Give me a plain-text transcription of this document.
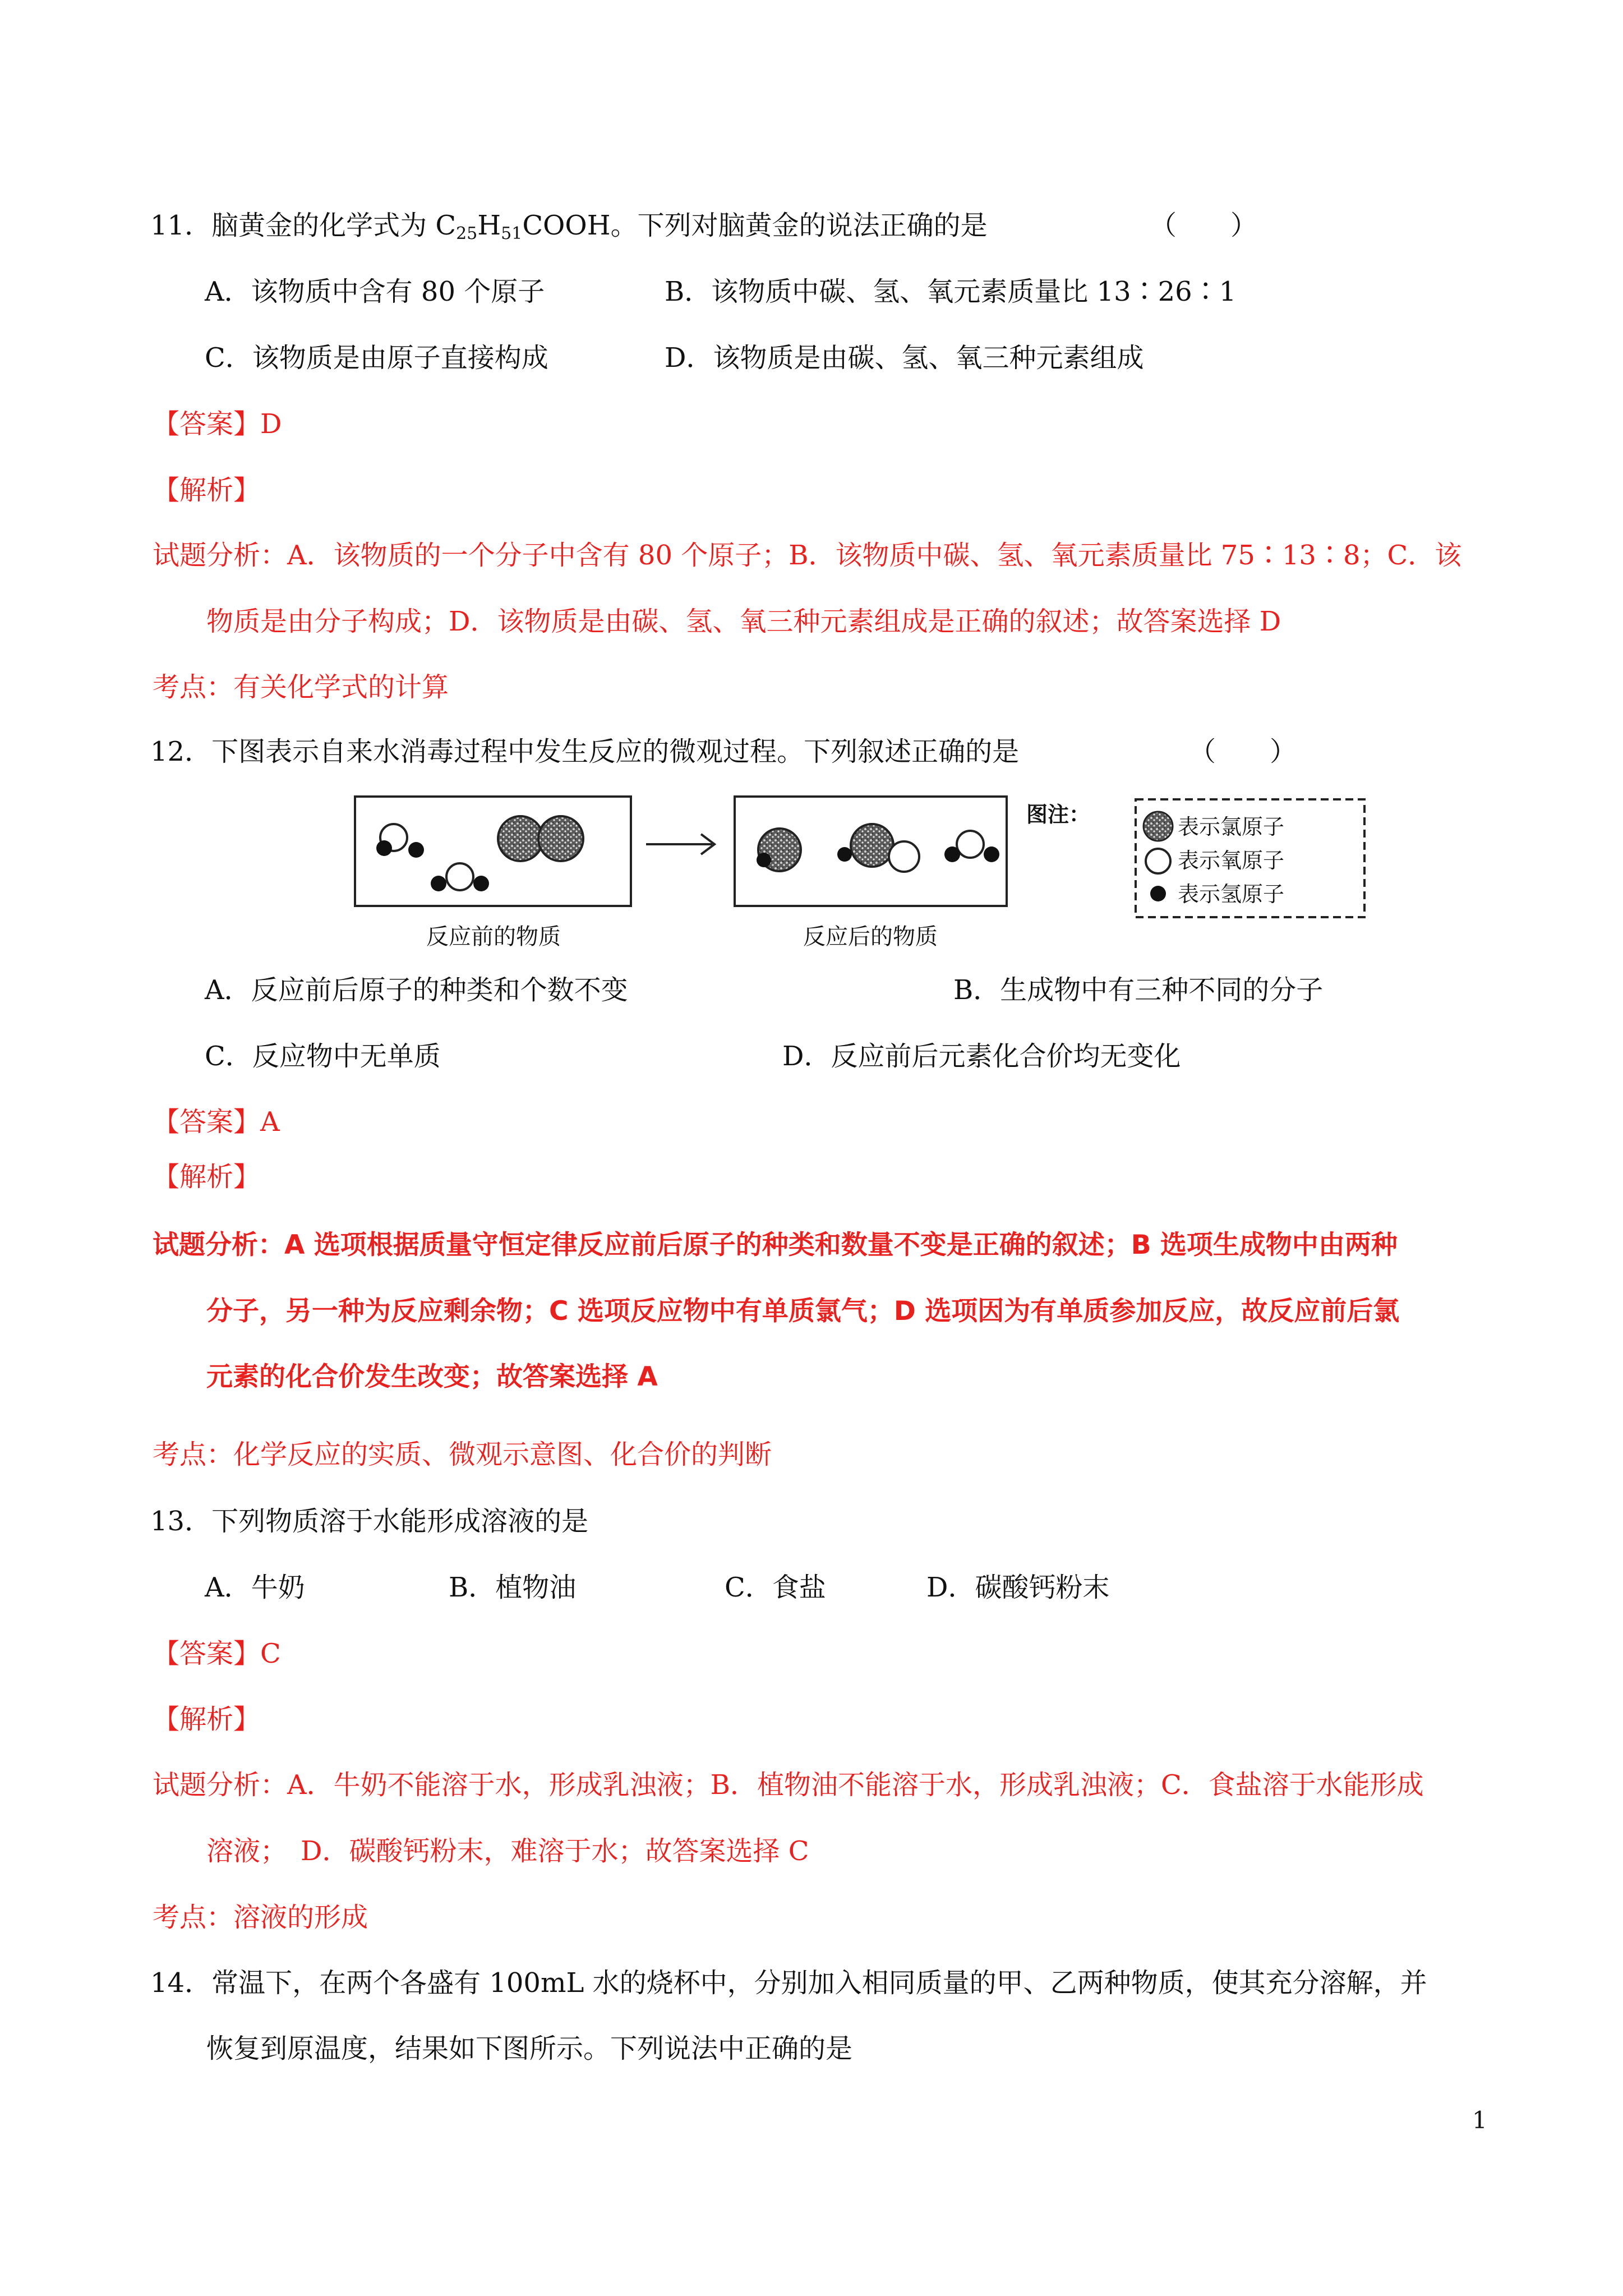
11．脑黄金的化学式为 $C_{25}H_{51}COOH$。下列对脑黄金的说法正确的是	（　　）
A．该物质中含有 80 个原子	B．该物质中碳、氢、氧元素质量比 13∶26∶1
C．该物质是由原子直接构成	D．该物质是由碳、氢、氧三种元素组成
【答案】D
【解析】
试题分析：A．该物质的一个分子中含有 80 个原子；B．该物质中碳、氢、氧元素质量比 75∶13∶8；C．该
物质是由分子构成；D．该物质是由碳、氢、氧三种元素组成是正确的叙述；故答案选择 D
考点：有关化学式的计算
12．下图表示自来水消毒过程中发生反应的微观过程。下列叙述正确的是	（　　）
反应前的物质	反应后的物质
图注：	表示氯原子
表示氧原子
表示氢原子
A．反应前后原子的种类和个数不变	B．生成物中有三种不同的分子
C．反应物中无单质	D．反应前后元素化合价均无变化
【答案】A
【解析】
试题分析：A 选项根据质量守恒定律反应前后原子的种类和数量不变是正确的叙述；B 选项生成物中由两种
分子，另一种为反应剩余物；C 选项反应物中有单质氯气；D 选项因为有单质参加反应，故反应前后氯
元素的化合价发生改变；故答案选择 A
考点：化学反应的实质、微观示意图、化合价的判断
13．下列物质溶于水能形成溶液的是
A．牛奶	B．植物油	C．食盐	D．碳酸钙粉末
【答案】C
【解析】
试题分析：A．牛奶不能溶于水，形成乳浊液；B．植物油不能溶于水，形成乳浊液；C．食盐溶于水能形成
溶液；　D．碳酸钙粉末，难溶于水；故答案选择 C
考点：溶液的形成
14．常温下，在两个各盛有 100mL 水的烧杯中，分别加入相同质量的甲、乙两种物质，使其充分溶解，并
恢复到原温度，结果如下图所示。下列说法中正确的是
1
